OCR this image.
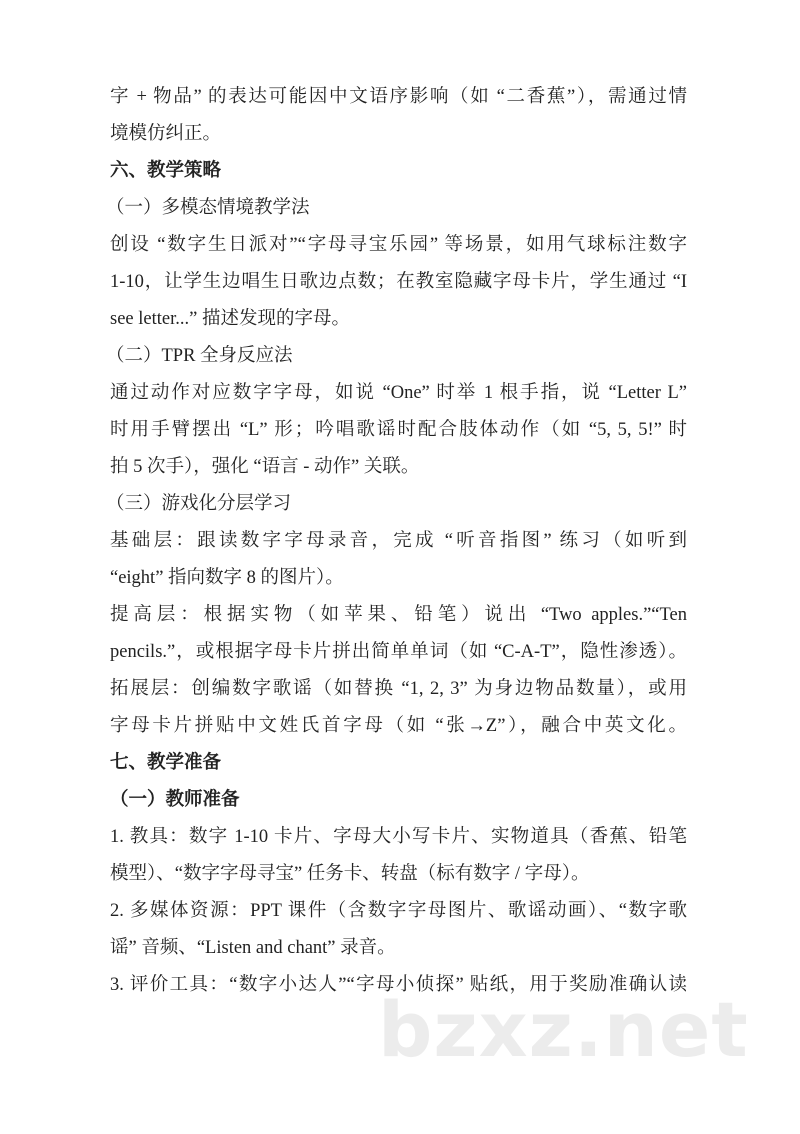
字 + 物品” 的表达可能因中文语序影响（如 “二香蕉”），需通过情
境模仿纠正。
六、教学策略
（一）多模态情境教学法
创设 “数字生日派对”“字母寻宝乐园” 等场景，如用气球标注数字
1-10，让学生边唱生日歌边点数；在教室隐藏字母卡片，学生通过 “I
see letter...” 描述发现的字母。
（二）TPR 全身反应法
通过动作对应数字字母，如说 “One” 时举 1 根手指，说 “Letter L”
时用手臂摆出 “L” 形；吟唱歌谣时配合肢体动作（如 “5, 5, 5!” 时
拍 5 次手），强化 “语言 - 动作” 关联。
（三）游戏化分层学习
基础层：跟读数字字母录音，完成 “听音指图” 练习（如听到
“eight” 指向数字 8 的图片）。
提高层：根据实物（如苹果、铅笔）说出 “Two apples.”“Ten
pencils.”，或根据字母卡片拼出简单单词（如 “C-A-T”，隐性渗透）。
拓展层：创编数字歌谣（如替换 “1, 2, 3” 为身边物品数量），或用
字母卡片拼贴中文姓氏首字母（如 “张→Z”），融合中英文化。
七、教学准备
（一）教师准备
1. 教具：数字 1-10 卡片、字母大小写卡片、实物道具（香蕉、铅笔
模型）、“数字字母寻宝” 任务卡、转盘（标有数字 / 字母）。
2. 多媒体资源：PPT 课件（含数字字母图片、歌谣动画）、“数字歌
谣” 音频、“Listen and chant” 录音。
3. 评价工具：“数字小达人”“字母小侦探” 贴纸，用于奖励准确认读
bzxz.net
